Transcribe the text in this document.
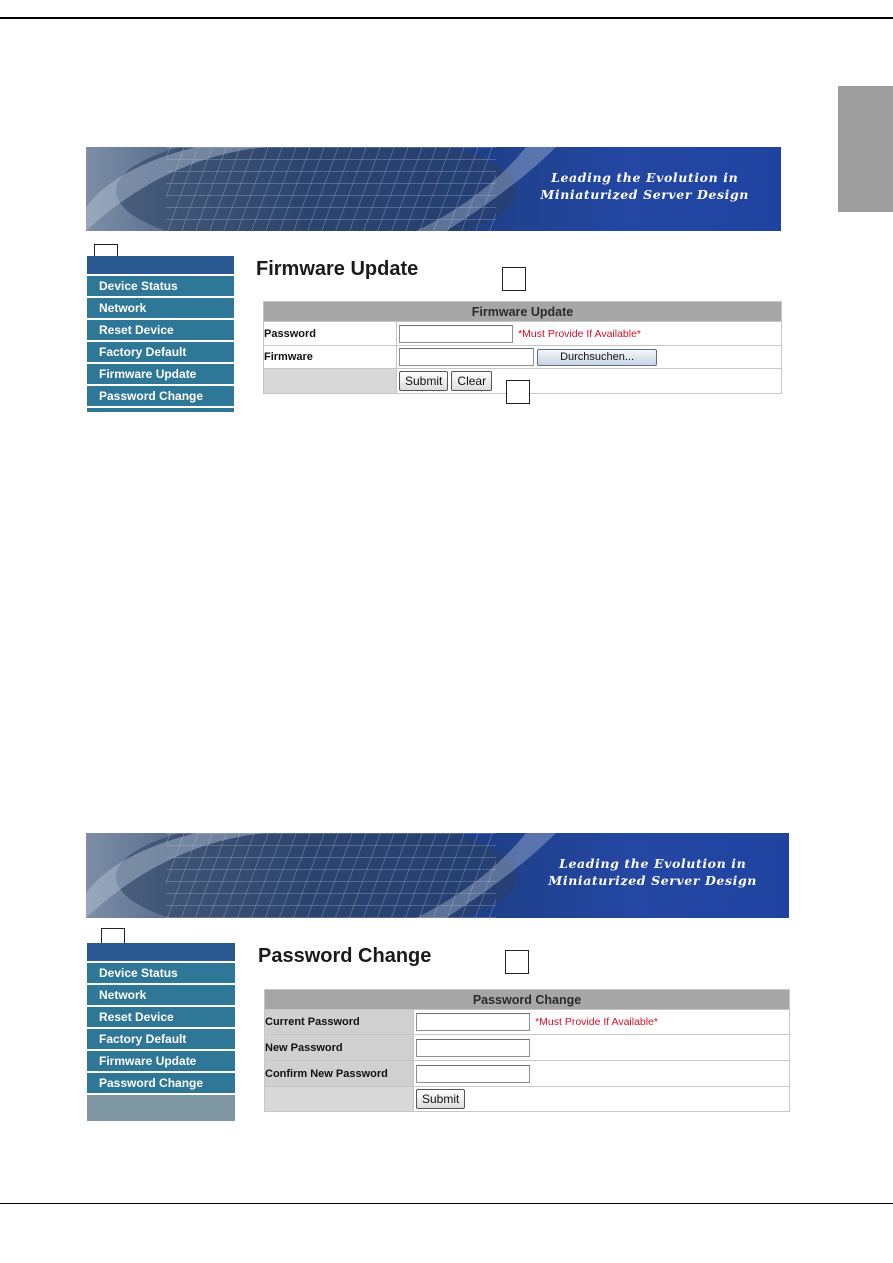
Leading the Evolution in
Miniaturized Server Design
Device Status
Network
Reset Device
Factory Default
Firmware Update
Password Change
Firmware Update
Firmware Update	
Password	*Must Provide If Available*
Firmware	Durchsuchen...
	Submit Clear
Leading the Evolution in
Miniaturized Server Design
Device Status
Network
Reset Device
Factory Default
Firmware Update
Password Change
Password Change
Password Change	
Current Password	*Must Provide If Available*
New Password	
Confirm New Password	
	Submit
